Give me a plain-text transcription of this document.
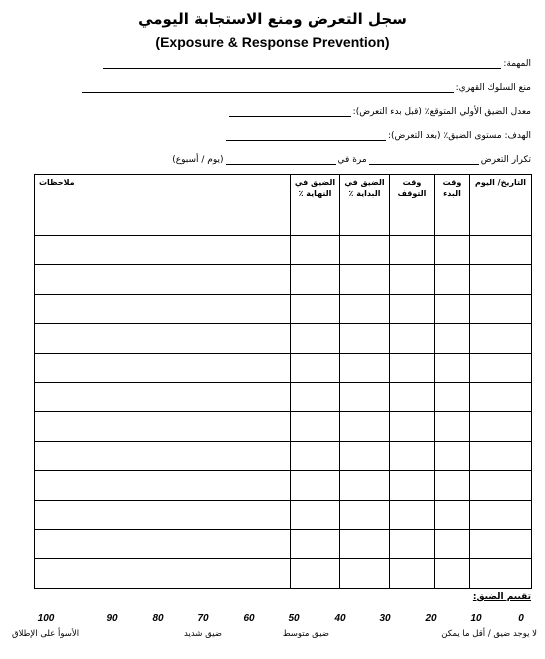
سجل التعرض ومنع الاستجابة اليومي
(Exposure & Response Prevention)
المهمة:
منع السلوك القهري:
معدل الضيق الأولي المتوقع٪ (قبل بدء التعرض):
الهدف: مستوى الضيق٪ (بعد التعرض):
تكرار التعرض
مرة في
(يوم / أسبوع)
التاريخ/ اليوم	وقت البدء	وقت التوقف	الضيق في البداية ٪	الضيق في النهاية ٪	ملاحظات

تقييم الضيق:
0
10
20
30
40
50
60
70
80
90
100
لا يوجد ضيق / أقل ما يمكن
ضيق متوسط
ضيق شديد
الأسوأ على الإطلاق
